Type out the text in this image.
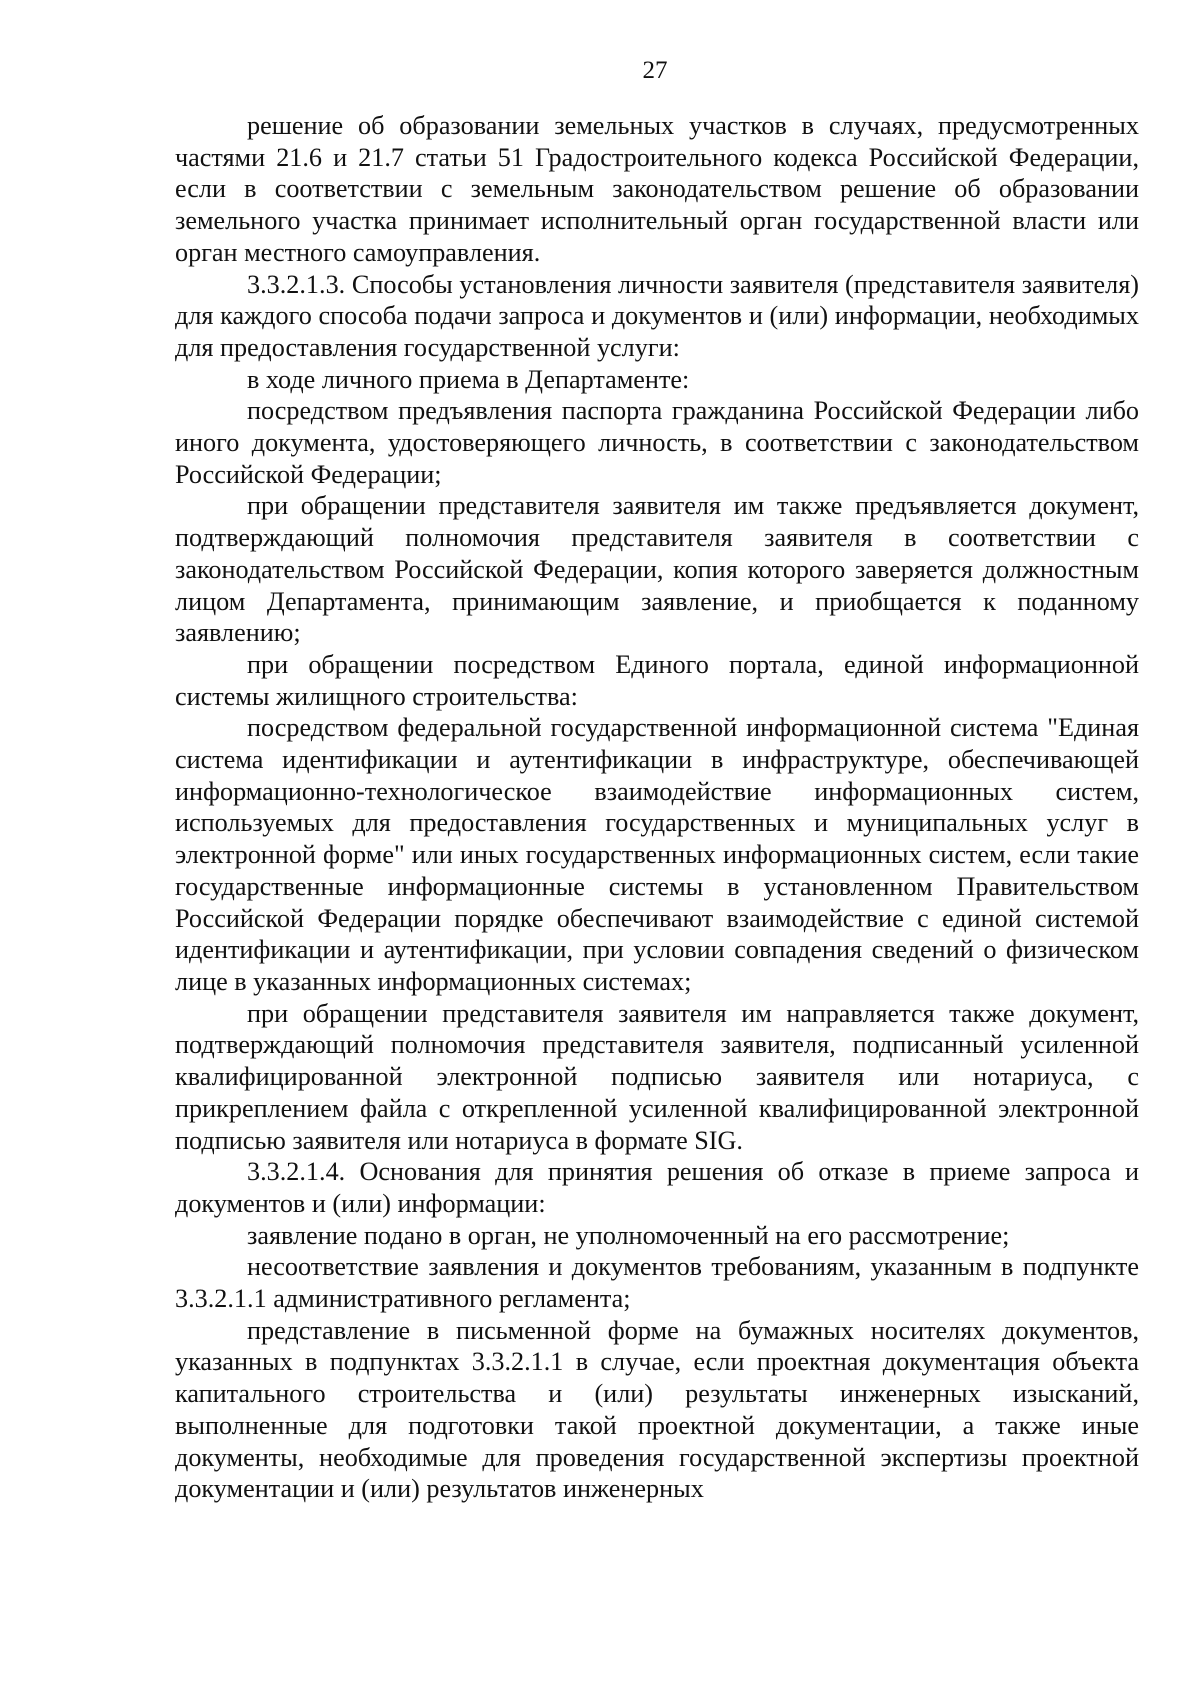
27

решение об образовании земельных участков в случаях, предусмотренных частями 21.6 и 21.7 статьи 51 Градостроительного кодекса Российской Федерации, если в соответствии с земельным законодательством решение об образовании земельного участка принимает исполнительный орган государственной власти или орган местного самоуправления.

3.3.2.1.3. Способы установления личности заявителя (представителя заявителя) для каждого способа подачи запроса и документов и (или) информации, необходимых для предоставления государственной услуги:

в ходе личного приема в Департаменте:

посредством предъявления паспорта гражданина Российской Федерации либо иного документа, удостоверяющего личность, в соответствии с законодательством Российской Федерации;

при обращении представителя заявителя им также предъявляется документ, подтверждающий полномочия представителя заявителя в соответствии с законодательством Российской Федерации, копия которого заверяется должностным лицом Департамента, принимающим заявление, и приобщается к поданному заявлению;

при обращении посредством Единого портала, единой информационной системы жилищного строительства:

посредством федеральной государственной информационной система "Единая система идентификации и аутентификации в инфраструктуре, обеспечивающей информационно-технологическое взаимодействие информационных систем, используемых для предоставления государственных и муниципальных услуг в электронной форме" или иных государственных информационных систем, если такие государственные информационные системы в установленном Правительством Российской Федерации порядке обеспечивают взаимодействие с единой системой идентификации и аутентификации, при условии совпадения сведений о физическом лице в указанных информационных системах;

при обращении представителя заявителя им направляется также документ, подтверждающий полномочия представителя заявителя, подписанный усиленной квалифицированной электронной подписью заявителя или нотариуса, с прикреплением файла с открепленной усиленной квалифицированной электронной подписью заявителя или нотариуса в формате SIG.

3.3.2.1.4. Основания для принятия решения об отказе в приеме запроса и документов и (или) информации:

заявление подано в орган, не уполномоченный на его рассмотрение;

несоответствие заявления и документов требованиям, указанным в подпункте 3.3.2.1.1 административного регламента;

представление в письменной форме на бумажных носителях документов, указанных в подпунктах 3.3.2.1.1 в случае, если проектная документация объекта капитального строительства и (или) результаты инженерных изысканий, выполненные для подготовки такой проектной документации, а также иные документы, необходимые для проведения государственной экспертизы проектной документации и (или) результатов инженерных
